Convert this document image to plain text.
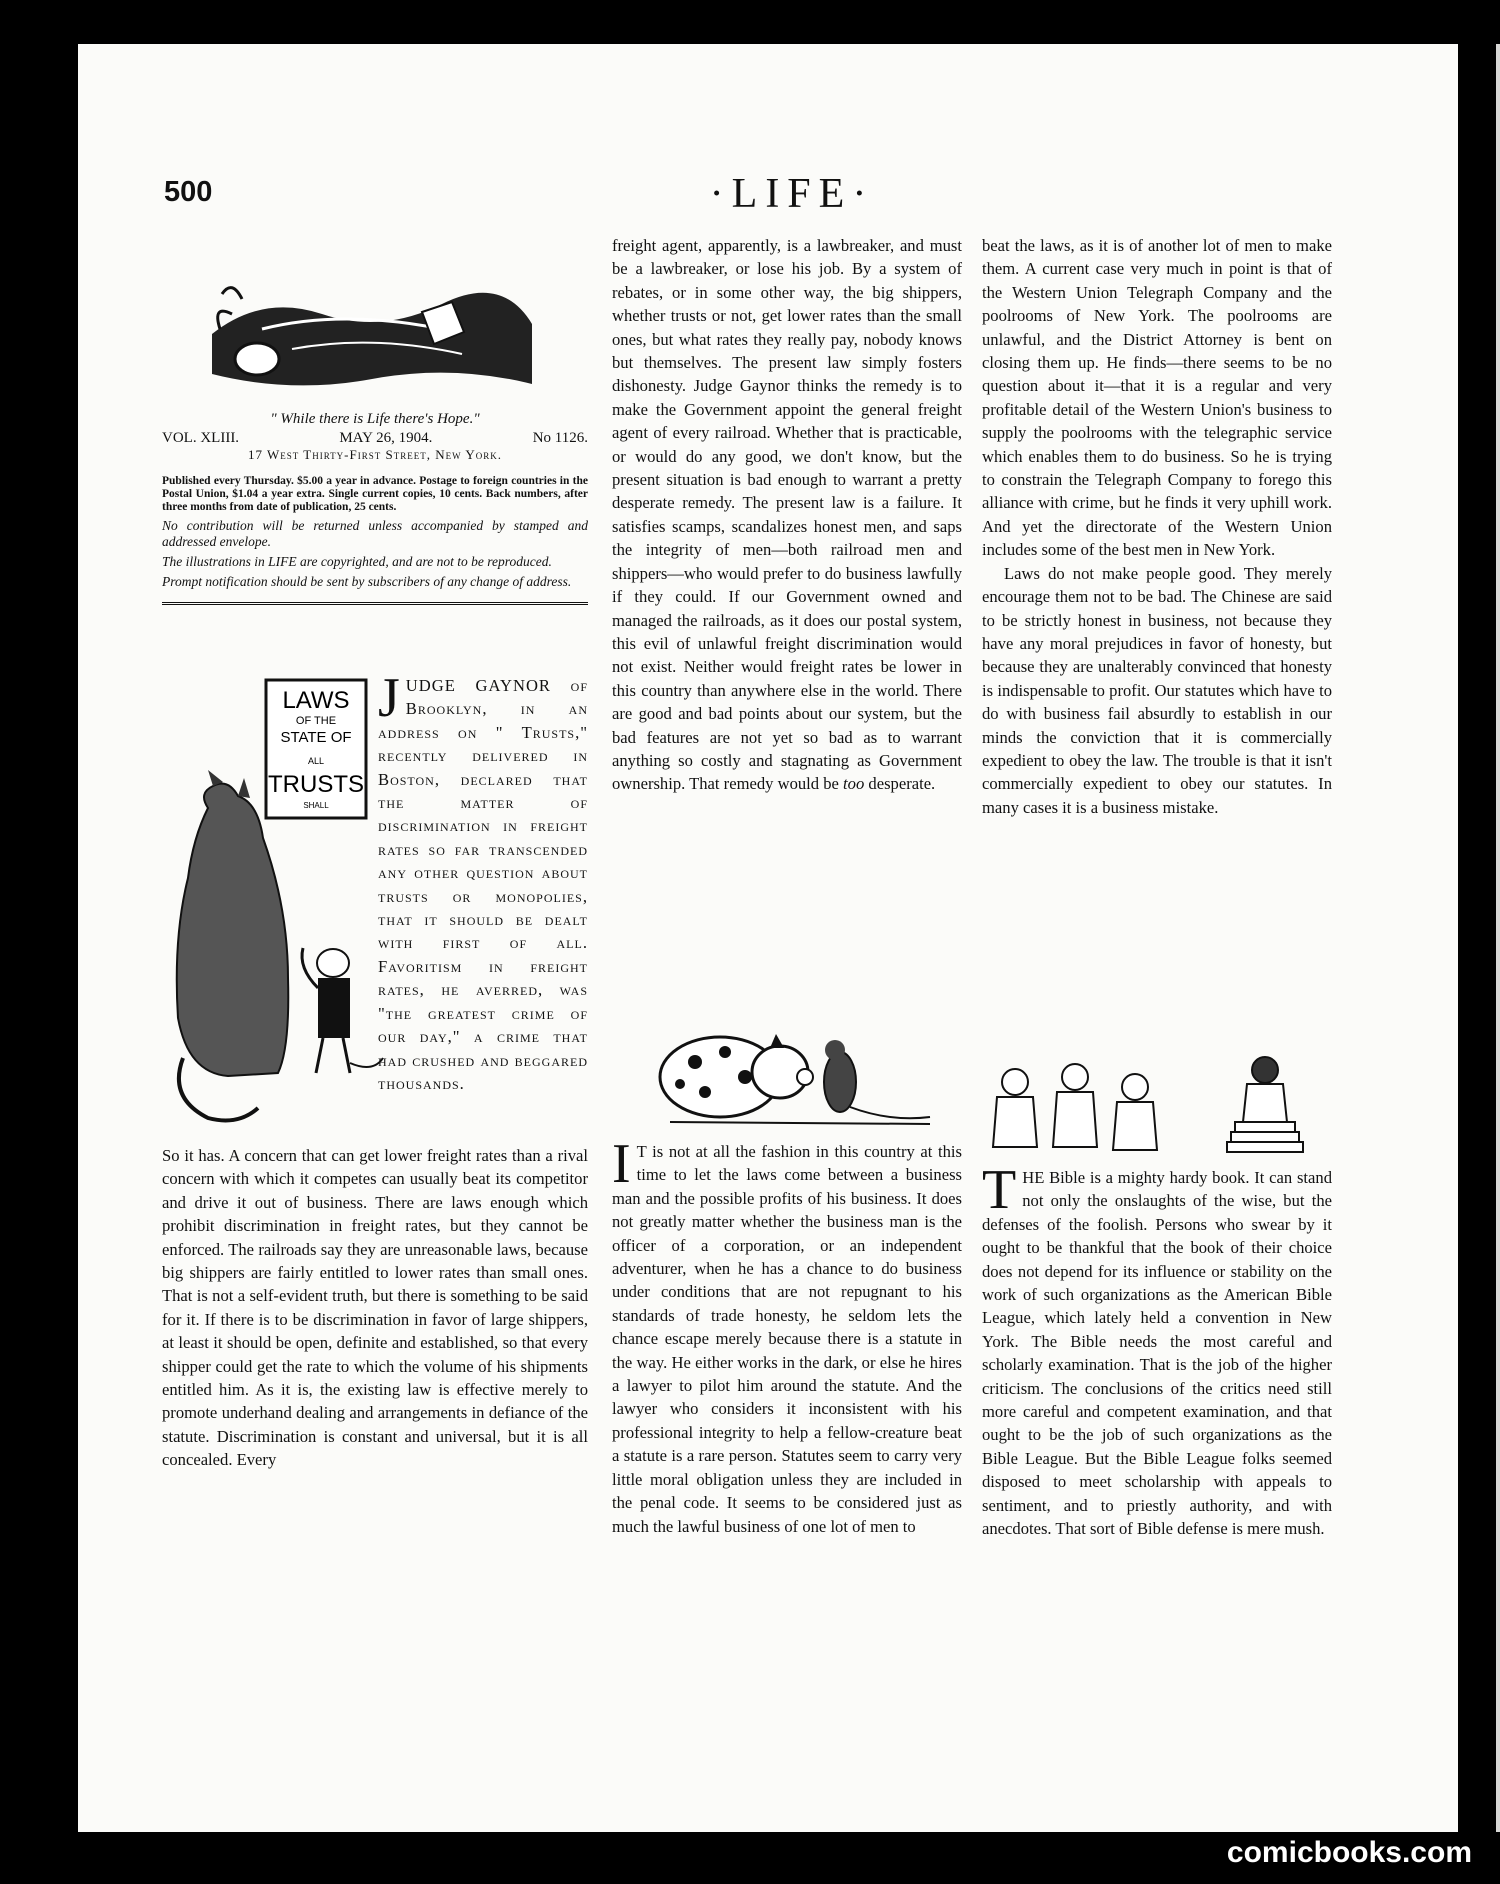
500	·LIFE·
" While there is Life there's Hope."
VOL. XLIII.	MAY 26, 1904.	No 1126.
17 West Thirty-First Street, New York.
Published every Thursday. $5.00 a year in advance. Postage to foreign countries in the Postal Union, $1.04 a year extra. Single current copies, 10 cents. Back numbers, after three months from date of publication, 25 cents.
No contribution will be returned unless accompanied by stamped and addressed envelope.
The illustrations in LIFE are copyrighted, and are not to be reproduced.
Prompt notification should be sent by subscribers of any change of address.
LAWS
OF THE
STATE OF
ALL
TRUSTS
SHALL

JUDGE GAYNOR of Brooklyn, in an address on " Trusts," recently delivered in Boston, declared that the matter of discrimination in freight rates so far transcended any other question about trusts or monopolies, that it should be dealt with first of all. Favoritism in freight rates, he averred, was "the greatest crime of our day," a crime that had crushed and beggared thousands.

So it has. A concern that can get lower freight rates than a rival concern with which it competes can usually beat its competitor and drive it out of business. There are laws enough which prohibit discrimination in freight rates, but they cannot be enforced. The railroads say they are unreasonable laws, because big shippers are fairly entitled to lower rates than small ones. That is not a self-evident truth, but there is something to be said for it. If there is to be discrimination in favor of large shippers, at least it should be open, definite and established, so that every shipper could get the rate to which the volume of his shipments entitled him. As it is, the existing law is effective merely to promote underhand dealing and arrangements in defiance of the statute. Discrimination is constant and universal, but it is all concealed. Every

freight agent, apparently, is a lawbreaker, and must be a lawbreaker, or lose his job. By a system of rebates, or in some other way, the big shippers, whether trusts or not, get lower rates than the small ones, but what rates they really pay, nobody knows but themselves. The present law simply fosters dishonesty. Judge Gaynor thinks the remedy is to make the Government appoint the general freight agent of every railroad. Whether that is practicable, or would do any good, we don't know, but the present situation is bad enough to warrant a pretty desperate remedy. The present law is a failure. It satisfies scamps, scandalizes honest men, and saps the integrity of men—both railroad men and shippers—who would prefer to do business lawfully if they could. If our Government owned and managed the railroads, as it does our postal system, this evil of unlawful freight discrimination would not exist. Neither would freight rates be lower in this country than anywhere else in the world. There are good and bad points about our system, but the bad features are not yet so bad as to warrant anything so costly and stagnating as Government ownership. That remedy would be too desperate.

I T is not at all the fashion in this country at this time to let the laws come between a business man and the possible profits of his business. It does not greatly matter whether the business man is the officer of a corporation, or an independent adventurer, when he has a chance to do business under conditions that are not repugnant to his standards of trade honesty, he seldom lets the chance escape merely because there is a statute in the way. He either works in the dark, or else he hires a lawyer to pilot him around the statute. And the lawyer who considers it inconsistent with his professional integrity to help a fellow-creature beat a statute is a rare person. Statutes seem to carry very little moral obligation unless they are included in the penal code. It seems to be considered just as much the lawful business of one lot of men to

beat the laws, as it is of another lot of men to make them. A current case very much in point is that of the Western Union Telegraph Company and the poolrooms of New York. The poolrooms are unlawful, and the District Attorney is bent on closing them up. He finds—there seems to be no question about it—that it is a regular and very profitable detail of the Western Union's business to supply the poolrooms with the telegraphic service which enables them to do business. So he is trying to constrain the Telegraph Company to forego this alliance with crime, but he finds it very uphill work. And yet the directorate of the Western Union includes some of the best men in New York.

Laws do not make people good. They merely encourage them not to be bad. The Chinese are said to be strictly honest in business, not because they have any moral prejudices in favor of honesty, but because they are unalterably convinced that honesty is indispensable to profit. Our statutes which have to do with business fail absurdly to establish in our minds the conviction that it is commercially expedient to obey the law. The trouble is that it isn't commercially expedient to obey our statutes. In many cases it is a business mistake.

THE Bible is a mighty hardy book. It can stand not only the onslaughts of the wise, but the defenses of the foolish. Persons who swear by it ought to be thankful that the book of their choice does not depend for its influence or stability on the work of such organizations as the American Bible League, which lately held a convention in New York. The Bible needs the most careful and scholarly examination. That is the job of the higher criticism. The conclusions of the critics need still more careful and competent examination, and that ought to be the job of such organizations as the Bible League. But the Bible League folks seemed disposed to meet scholarship with appeals to sentiment, and to priestly authority, and with anecdotes. That sort of Bible defense is mere mush.

comicbooks.com
